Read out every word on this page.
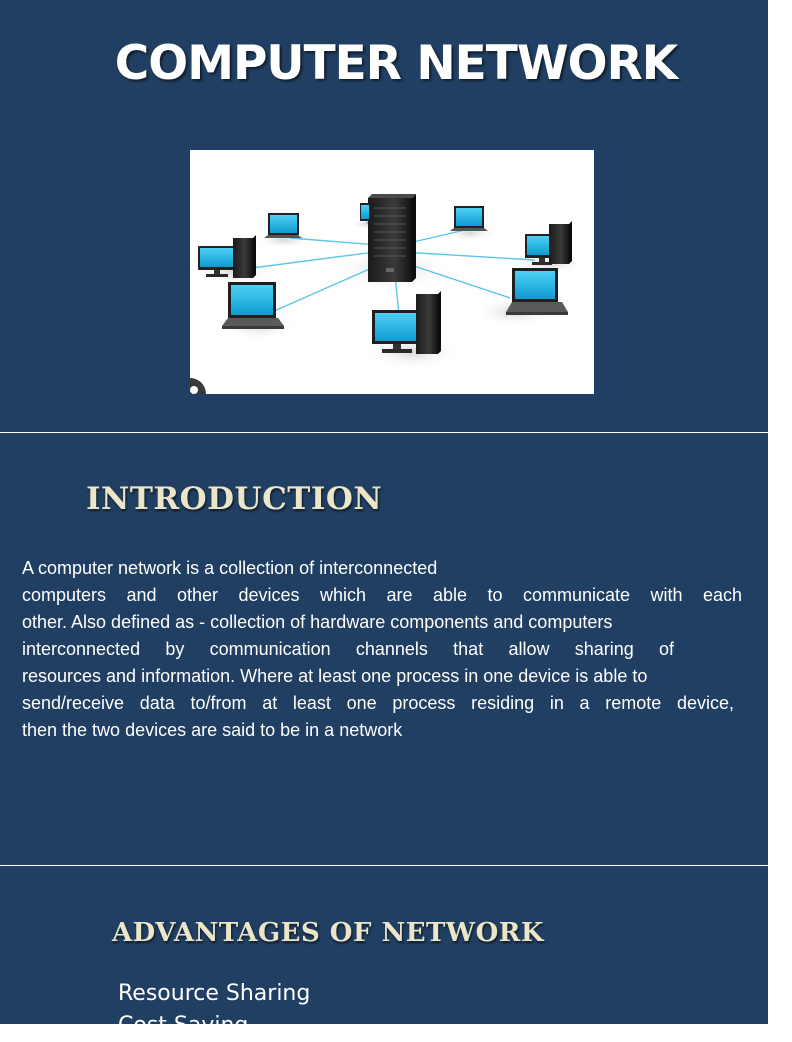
COMPUTER NETWORK
INTRODUCTION
A computer network is a collection of interconnected
computers and other devices which are able to communicate with each
other. Also defined as - collection of hardware components and computers
interconnected by communication channels that allow sharing of
resources and information. Where at least one process in one device is able to
send/receive data to/from at least one process residing in a remote device,
then the two devices are said to be in a network
ADVANTAGES OF NETWORK
Resource Sharing
Cost Saving
